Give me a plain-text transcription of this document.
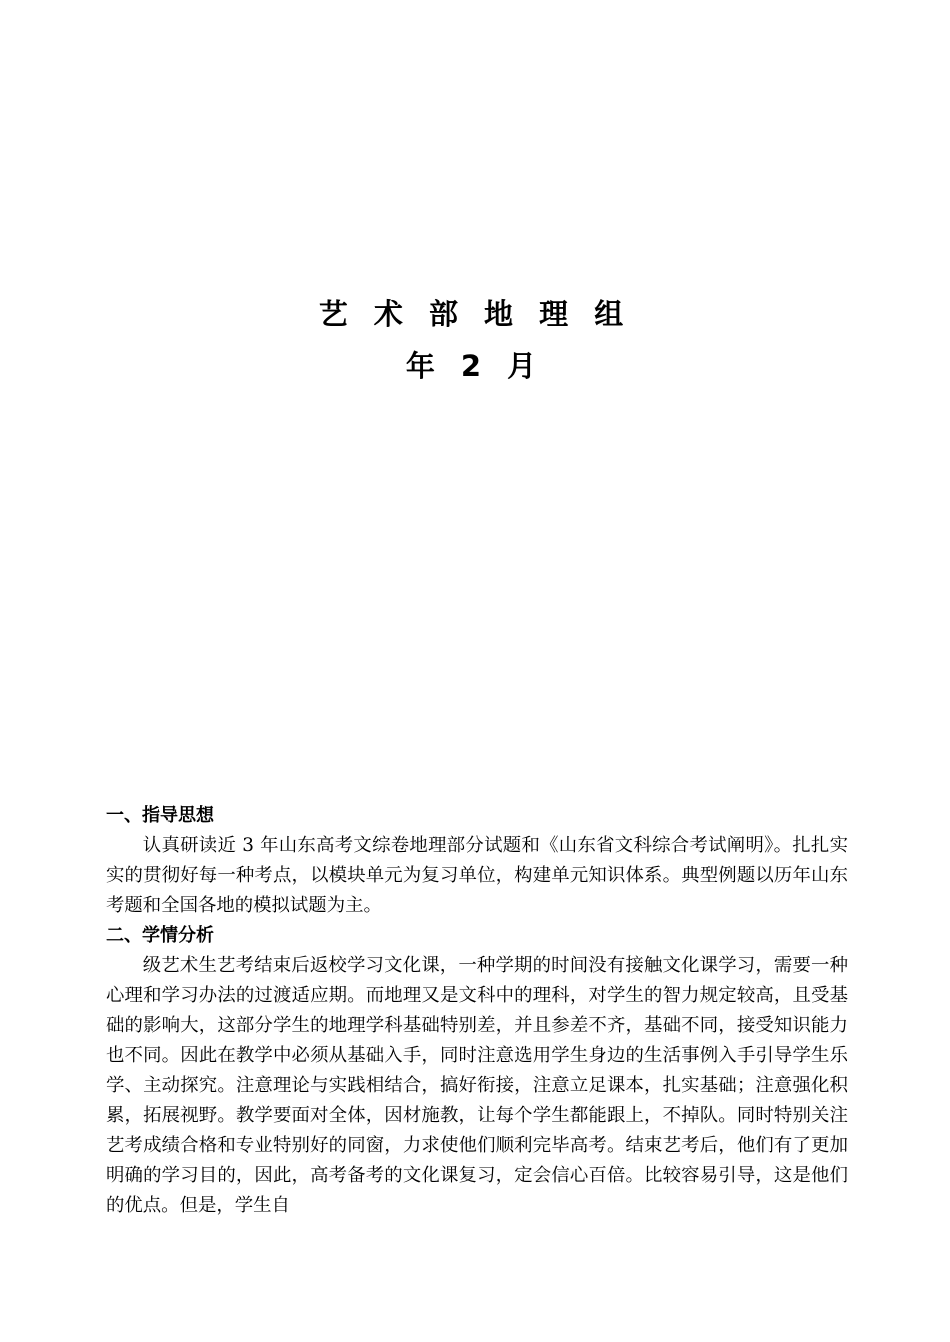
艺 术 部 地 理 组
年 2 月
一、指导思想

认真研读近 3 年山东高考文综卷地理部分试题和《山东省文科综合考试阐明》。扎扎实实的贯彻好每一种考点，以模块单元为复习单位，构建单元知识体系。典型例题以历年山东考题和全国各地的模拟试题为主。

二、学情分析

级艺术生艺考结束后返校学习文化课，一种学期的时间没有接触文化课学习，需要一种心理和学习办法的过渡适应期。而地理又是文科中的理科，对学生的智力规定较高，且受基础的影响大，这部分学生的地理学科基础特别差，并且参差不齐，基础不同，接受知识能力也不同。因此在教学中必须从基础入手，同时注意选用学生身边的生活事例入手引导学生乐学、主动探究。注意理论与实践相结合，搞好衔接，注意立足课本，扎实基础；注意强化积累，拓展视野。教学要面对全体，因材施教，让每个学生都能跟上，不掉队。同时特别关注艺考成绩合格和专业特别好的同窗，力求使他们顺利完毕高考。结束艺考后，他们有了更加明确的学习目的，因此，高考备考的文化课复习，定会信心百倍。比较容易引导，这是他们的优点。但是，学生自
